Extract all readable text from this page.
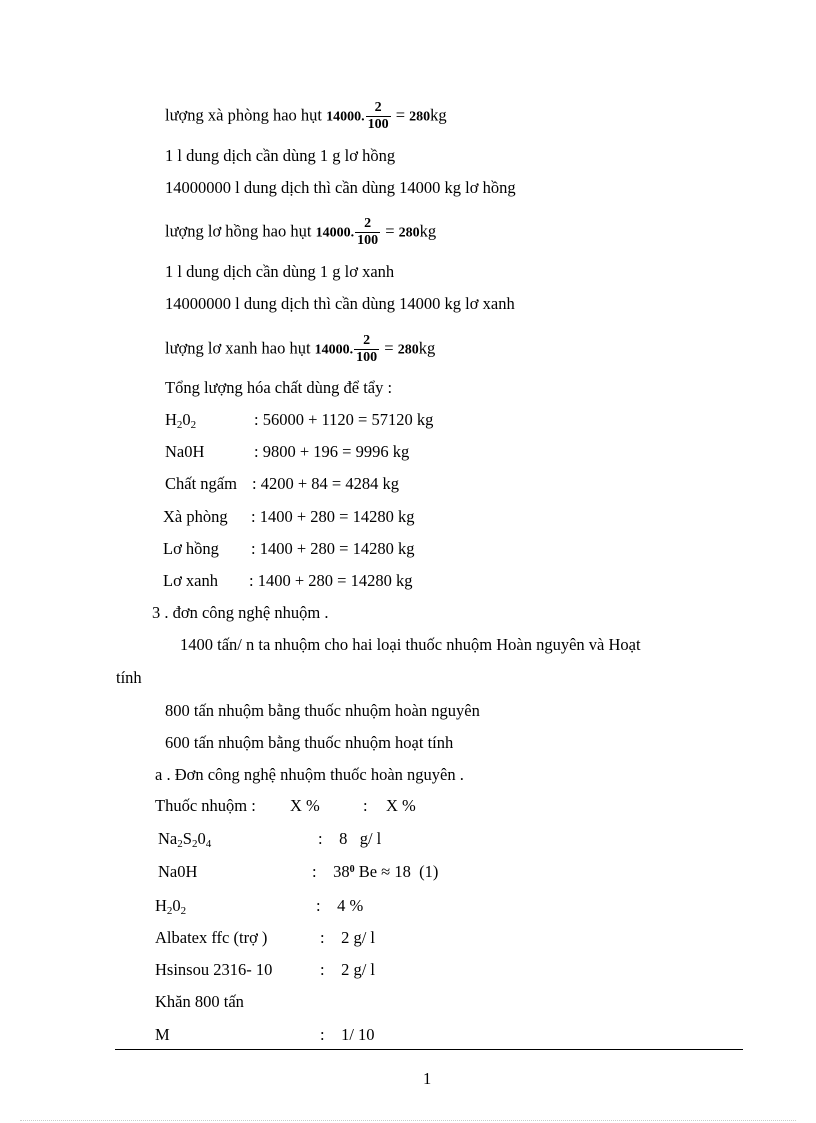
lượng xà phòng hao hụt 14000. $\frac{2}{100} = 280kg$
1 l dung dịch cần dùng 1 g lơ hồng
14000000 l dung dịch thì cần dùng 14000 kg lơ hồng
lượng lơ hồng hao hụt 14000. $\frac{2}{100} = 280kg$
1 l dung dịch cần dùng 1 g lơ xanh
14000000 l dung dịch thì cần dùng 14000 kg lơ xanh
lượng lơ xanh hao hụt 14000. $\frac{2}{100} = 280kg$
Tổng lượng hóa chất dùng để tẩy :
$H_20_2$	: 56000 + 1120 = 57120 kg
Na0H	: 9800 + 196 = 9996 kg
Chất ngấm : 4200 + 84 = 4284 kg
Xà phòng : 1400 + 280 = 14280 kg
Lơ hồng : 1400 + 280 = 14280 kg
Lơ xanh : 1400 + 280 = 14280 kg
3 . đơn công nghệ nhuộm .
1400 tấn/ n ta nhuộm cho hai loại thuốc nhuộm Hoàn nguyên và Hoạt
tính
800 tấn nhuộm bằng thuốc nhuộm hoàn nguyên
600 tấn nhuộm bằng thuốc nhuộm hoạt tính
a . Đơn công nghệ nhuộm thuốc hoàn nguyên .
Thuốc nhuộm : X %	: X %
$Na_2S_20_4$	:    8   g/ l
Na0H	:    $38^0$ Be ≈ 18  (1)
$H_20_2$	:    4 %
Albatex ffc (trợ )	:    2 g/ l
Hsinsou 2316- 10	:    2 g/ l
Khăn 800 tấn
M	:    1/ 10
1
